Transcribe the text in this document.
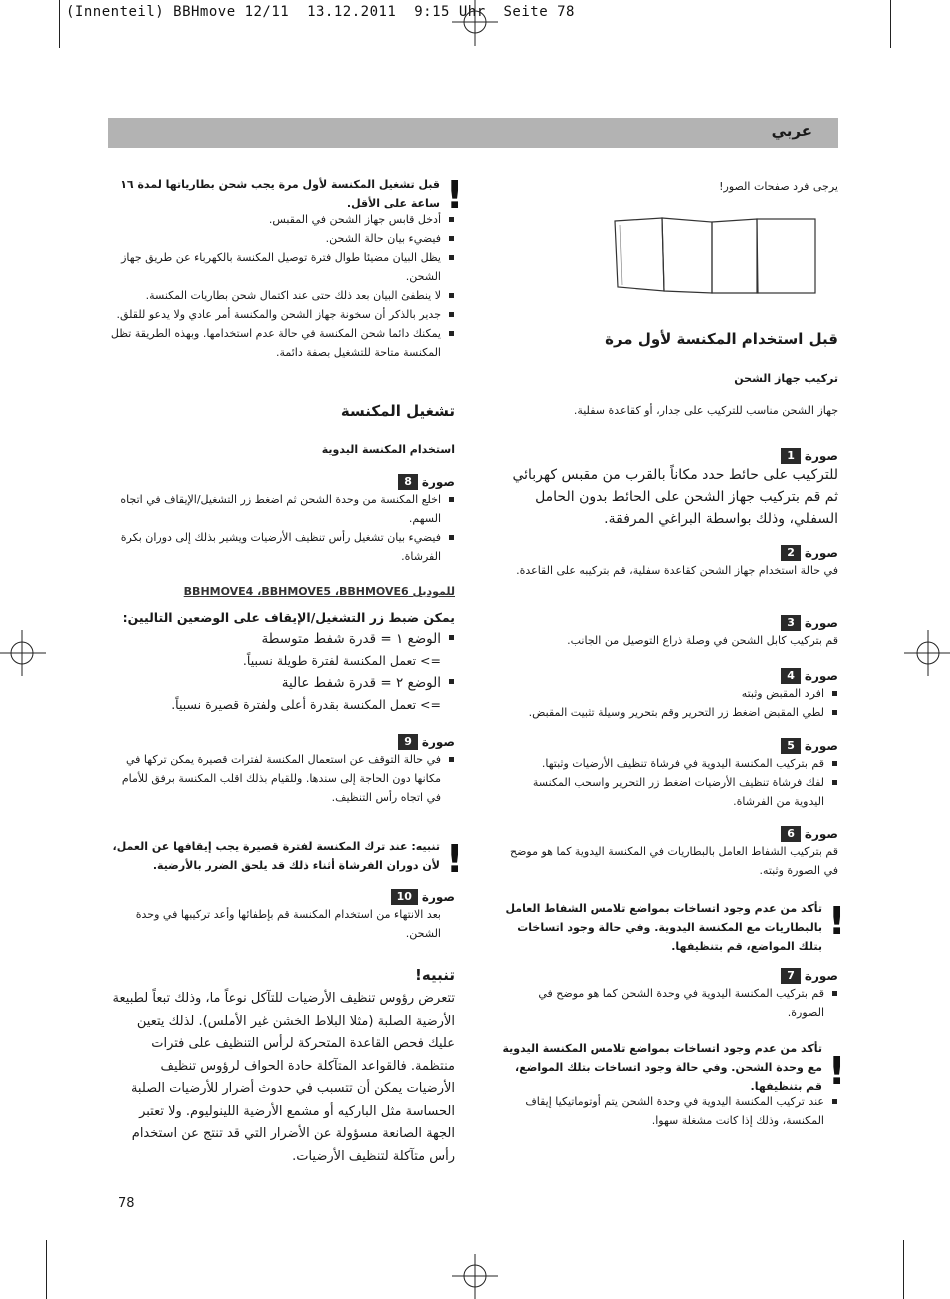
(Innenteil) BBHmove 12/11  13.12.2011  9:15 Uhr  Seite 78
عربي
يرجى فرد صفحات الصور!
قبل استخدام المكنسة لأول مرة
تركيب جهاز الشحن
جهاز الشحن مناسب للتركيب على جدار، أو كقاعدة سفلية.
صورة
1

للتركيب على حائط حدد مكاناً بالقرب من مقبس كهربائي ثم قم بتركيب جهاز الشحن على الحائط بدون الحامل السفلي، وذلك بواسطة البراغي المرفقة.

صورة
2

في حالة استخدام جهاز الشحن كقاعدة سفلية، قم بتركيبه على القاعدة.

صورة
3

قم بتركيب كابل الشحن في وصلة ذراع التوصيل من الجانب.

صورة
4
افرد المقبض وثبته
لطي المقبض اضغط زر التحرير وقم بتحرير وسيلة تثبيت المقبض.
صورة
5
قم بتركيب المكنسة اليدوية في فرشاة تنظيف الأرضيات وثبتها.
لفك فرشاة تنظيف الأرضيات اضغط زر التحرير واسحب المكنسة اليدوية من الفرشاة.
صورة
6

قم بتركيب الشفاط العامل بالبطاريات في المكنسة اليدوية كما هو موضح في الصورة وثبته.

!
تأكد من عدم وجود اتساخات بمواضع تلامس الشفاط العامل بالبطاريات مع المكنسة اليدوية. وفي حالة وجود اتساخات بتلك المواضع، قم بتنظيفها.
صورة
7
قم بتركيب المكنسة اليدوية في وحدة الشحن كما هو موضح في الصورة.
!
تأكد من عدم وجود اتساخات بمواضع تلامس المكنسة اليدوية مع وحدة الشحن. وفي حالة وجود اتساخات بتلك المواضع، قم بتنظيفها.
عند تركيب المكنسة اليدوية في وحدة الشحن يتم أوتوماتيكيا إيقاف المكنسة، وذلك إذا كانت مشغلة سهوا.
!
قبل تشغيل المكنسة لأول مرة يجب شحن بطارياتها لمدة ١٦ ساعة على الأقل.
أدخل قابس جهاز الشحن في المقبس.
فيضيء بيان حالة الشحن.
يظل البيان مضيئا طوال فترة توصيل المكنسة بالكهرباء عن طريق جهاز الشحن.
لا ينطفئ البيان بعد ذلك حتى عند اكتمال شحن بطاريات المكنسة.
جدير بالذكر أن سخونة جهاز الشحن والمكنسة أمر عادي ولا يدعو للقلق.
يمكنك دائما شحن المكنسة في حالة عدم استخدامها. وبهذه الطريقة تظل المكنسة متاحة للتشغيل بصفة دائمة.
تشغيل المكنسة
استخدام المكنسة اليدوية
صورة
8
اخلع المكنسة من وحدة الشحن ثم اضغط زر التشغيل/الإيقاف في اتجاه السهم.
فيضيء بيان تشغيل رأس تنظيف الأرضيات ويشير بذلك إلى دوران بكرة الفرشاة.
للموديل BBHMOVE4 ،BBHMOVE5 ،BBHMOVE6
يمكن ضبط زر التشغيل/الإيقاف على الوضعين التاليين:
الوضع ١ = قدرة شفط متوسطة

=> تعمل المكنسة لفترة طويلة نسبياً.

الوضع ٢ = قدرة شفط عالية

=> تعمل المكنسة بقدرة أعلى ولفترة قصيرة نسبياً.

صورة
9
في حالة التوقف عن استعمال المكنسة لفترات قصيرة يمكن تركها في مكانها دون الحاجة إلى سندها. وللقيام بذلك اقلب المكنسة برفق للأمام في اتجاه رأس التنظيف.
!
تنبيه: عند ترك المكنسة لفترة قصيرة يجب إيقافها عن العمل، لأن دوران الفرشاة أثناء ذلك قد يلحق الضرر بالأرضية.
صورة
10

بعد الانتهاء من استخدام المكنسة قم بإطفائها وأعد تركيبها في وحدة الشحن.

تنبيه!
تتعرض رؤوس تنظيف الأرضيات للتآكل نوعاً ما، وذلك تبعاً لطبيعة الأرضية الصلبة (مثلا البلاط الخشن غير الأملس). لذلك يتعين عليك فحص القاعدة المتحركة لرأس التنظيف على فترات منتظمة. فالقواعد المتآكلة حادة الحواف لرؤوس تنظيف الأرضيات يمكن أن تتسبب في حدوث أضرار للأرضيات الصلبة الحساسة مثل الباركيه أو مشمع الأرضية اللينوليوم. ولا تعتبر الجهة الصانعة مسؤولة عن الأضرار التي قد تنتج عن استخدام رأس متآكلة لتنظيف الأرضيات.
78
